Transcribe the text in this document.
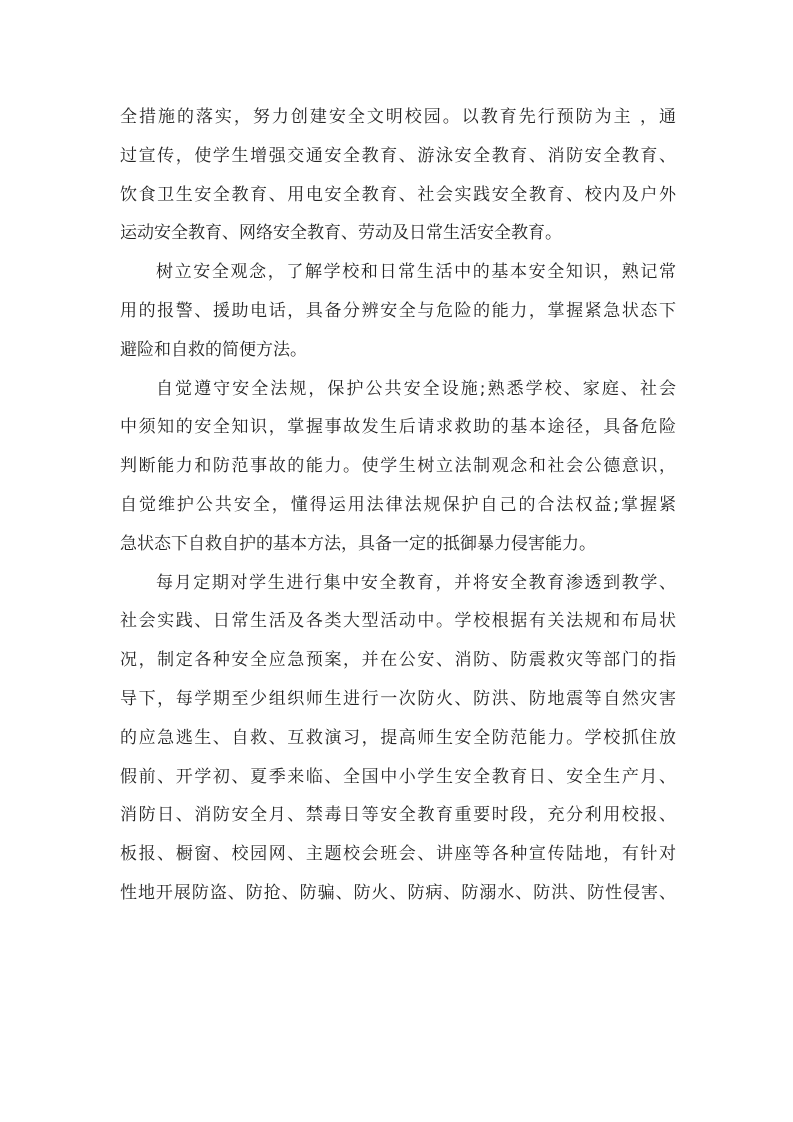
全措施的落实，努力创建安全文明校园。以教育先行预防为主 ，通
过宣传，使学生增强交通安全教育、游泳安全教育、消防安全教育、
饮食卫生安全教育、用电安全教育、社会实践安全教育、校内及户外
运动安全教育、网络安全教育、劳动及日常生活安全教育。
树立安全观念，了解学校和日常生活中的基本安全知识，熟记常
用的报警、援助电话，具备分辨安全与危险的能力，掌握紧急状态下
避险和自救的简便方法。
自觉遵守安全法规，保护公共安全设施;熟悉学校、家庭、社会
中须知的安全知识，掌握事故发生后请求救助的基本途径，具备危险
判断能力和防范事故的能力。使学生树立法制观念和社会公德意识，
自觉维护公共安全，懂得运用法律法规保护自己的合法权益;掌握紧
急状态下自救自护的基本方法，具备一定的抵御暴力侵害能力。
每月定期对学生进行集中安全教育，并将安全教育渗透到教学、
社会实践、日常生活及各类大型活动中。学校根据有关法规和布局状
况，制定各种安全应急预案，并在公安、消防、防震救灾等部门的指
导下，每学期至少组织师生进行一次防火、防洪、防地震等自然灾害
的应急逃生、自救、互救演习，提高师生安全防范能力。学校抓住放
假前、开学初、夏季来临、全国中小学生安全教育日、安全生产月、
消防日、消防安全月、禁毒日等安全教育重要时段，充分利用校报、
板报、橱窗、校园网、主题校会班会、讲座等各种宣传陆地，有针对
性地开展防盗、防抢、防骗、防火、防病、防溺水、防洪、防性侵害、
